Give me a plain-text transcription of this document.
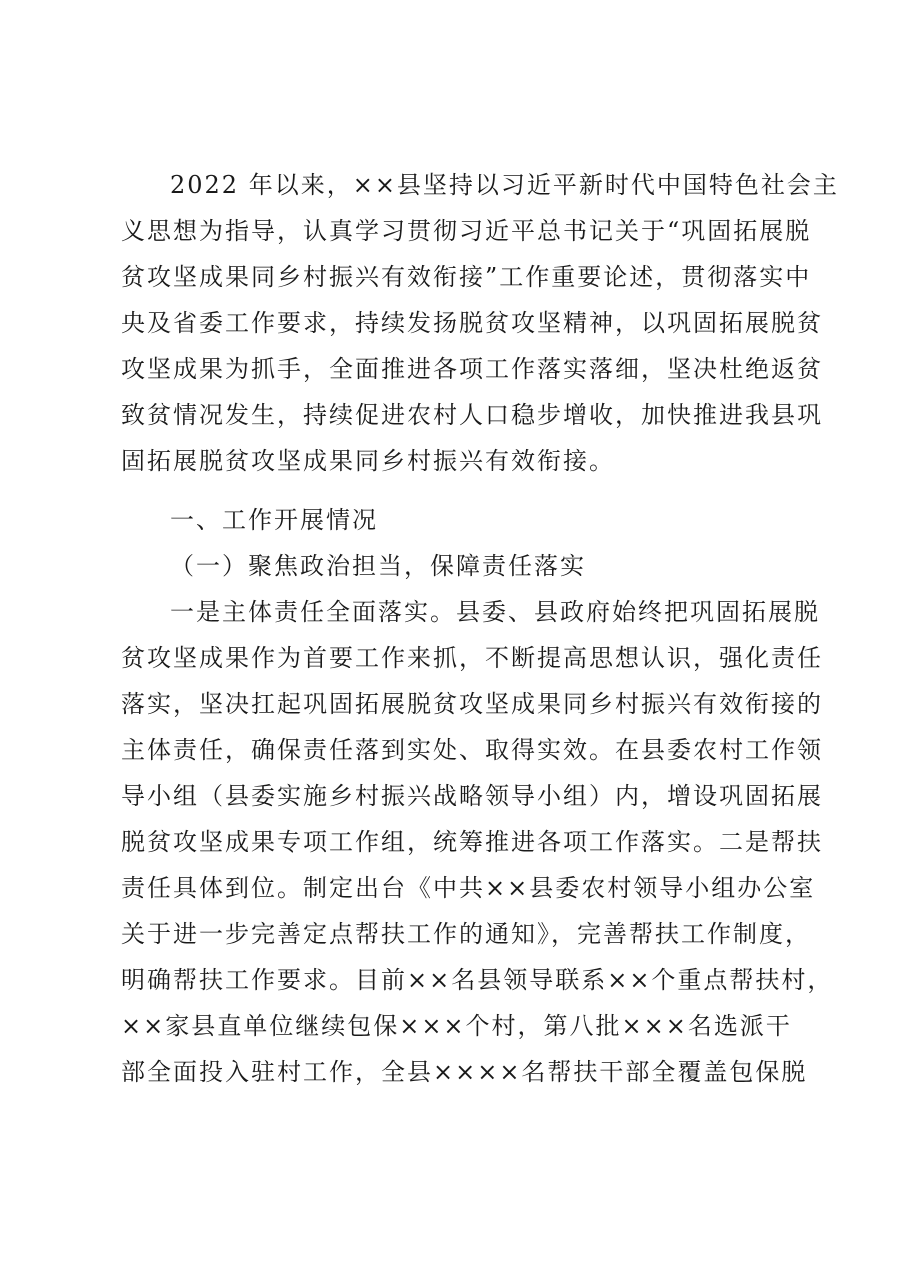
2022 年以来，××县坚持以习近平新时代中国特色社会主
义思想为指导，认真学习贯彻习近平总书记关于“巩固拓展脱
贫攻坚成果同乡村振兴有效衔接”工作重要论述，贯彻落实中
央及省委工作要求，持续发扬脱贫攻坚精神，以巩固拓展脱贫
攻坚成果为抓手，全面推进各项工作落实落细，坚决杜绝返贫
致贫情况发生，持续促进农村人口稳步增收，加快推进我县巩
固拓展脱贫攻坚成果同乡村振兴有效衔接。
一、工作开展情况
（一）聚焦政治担当，保障责任落实
一是主体责任全面落实。县委、县政府始终把巩固拓展脱
贫攻坚成果作为首要工作来抓，不断提高思想认识，强化责任
落实，坚决扛起巩固拓展脱贫攻坚成果同乡村振兴有效衔接的
主体责任，确保责任落到实处、取得实效。在县委农村工作领
导小组（县委实施乡村振兴战略领导小组）内，增设巩固拓展
脱贫攻坚成果专项工作组，统筹推进各项工作落实。二是帮扶
责任具体到位。制定出台《中共××县委农村领导小组办公室
关于进一步完善定点帮扶工作的通知》，完善帮扶工作制度，
明确帮扶工作要求。目前××名县领导联系××个重点帮扶村，
××家县直单位继续包保×××个村，第八批×××名选派干
部全面投入驻村工作，全县××××名帮扶干部全覆盖包保脱
